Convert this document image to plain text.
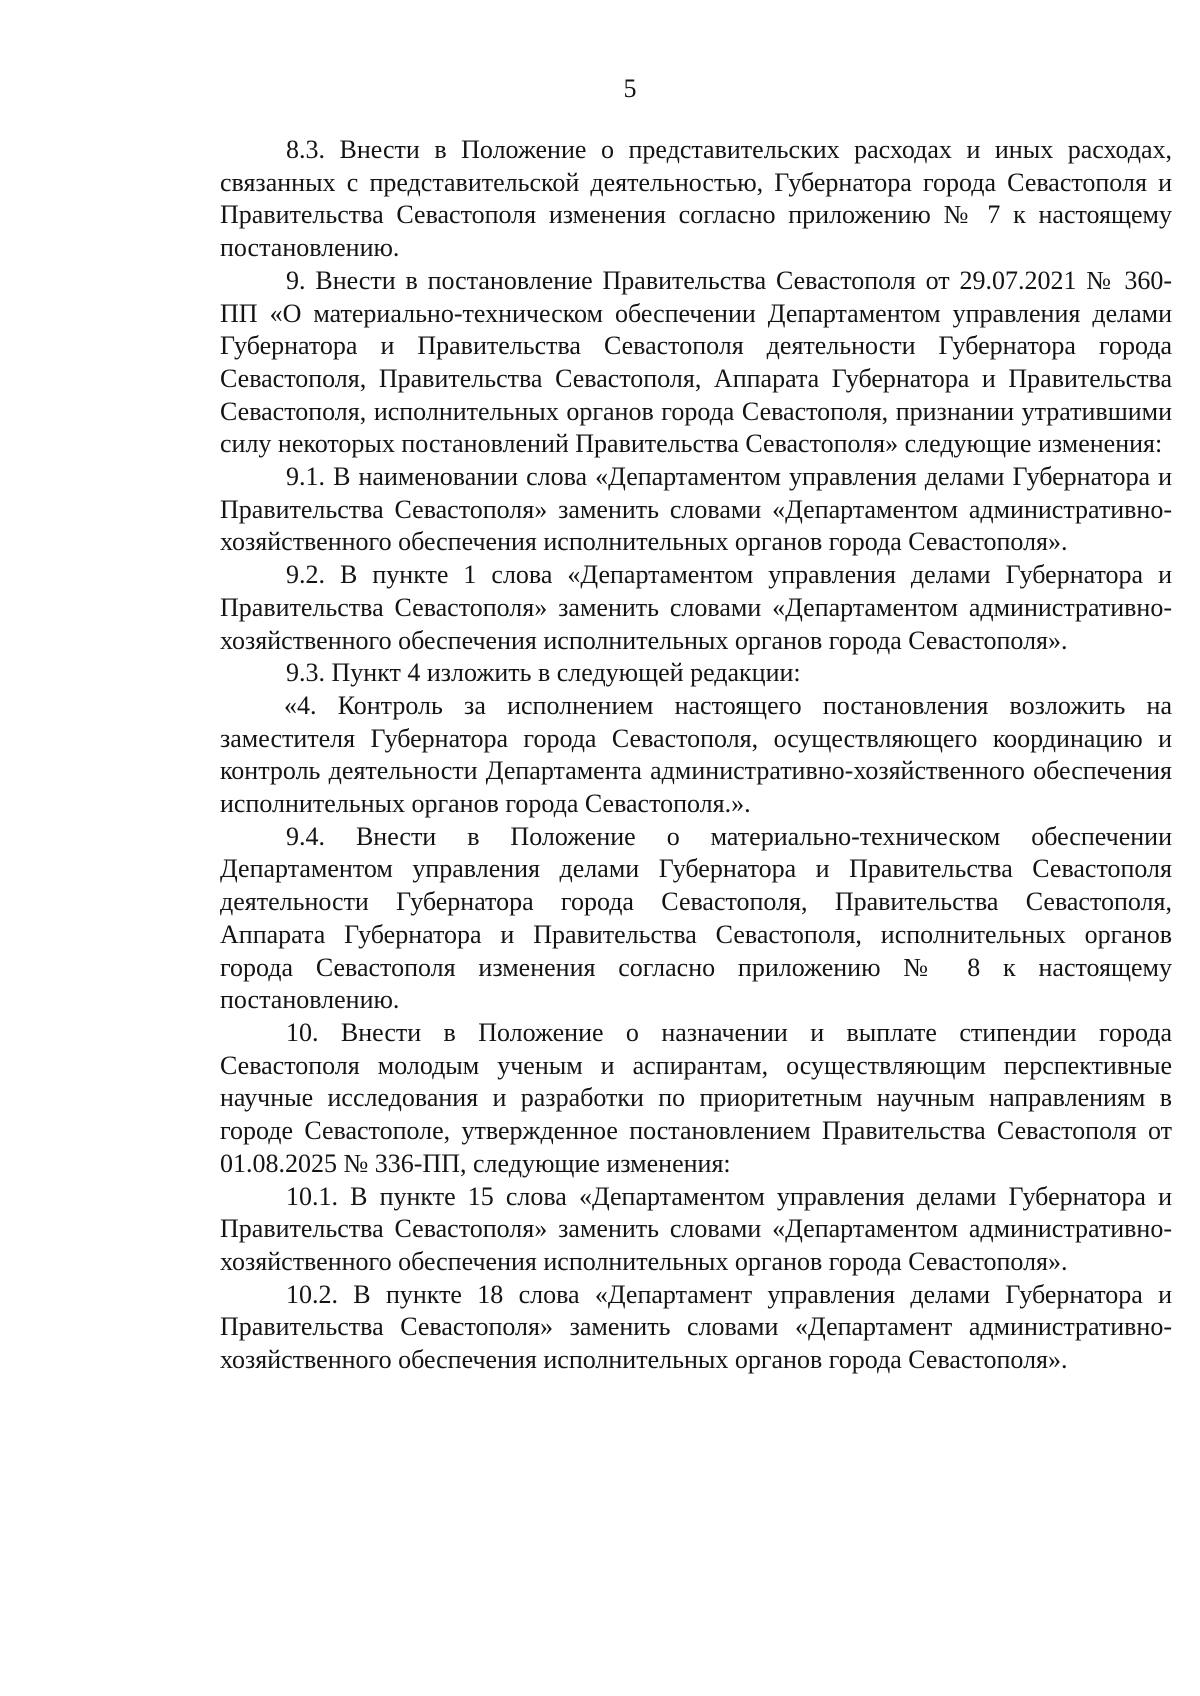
5

8.3. Внести в Положение о представительских расходах и иных расходах, связанных с представительской деятельностью, Губернатора города Севастополя и Правительства Севастополя изменения согласно приложению № 7 к настоящему постановлению.

9. Внести в постановление Правительства Севастополя от 29.07.2021 № 360-ПП «О материально-техническом обеспечении Департаментом управления делами Губернатора и Правительства Севастополя деятельности Губернатора города Севастополя, Правительства Севастополя, Аппарата Губернатора и Правительства Севастополя, исполнительных органов города Севастополя, признании утратившими силу некоторых постановлений Правительства Севастополя» следующие изменения:

9.1. В наименовании слова «Департаментом управления делами Губернатора и Правительства Севастополя» заменить словами «Департаментом административно-хозяйственного обеспечения исполнительных органов города Севастополя».

9.2. В пункте 1 слова «Департаментом управления делами Губернатора и Правительства Севастополя» заменить словами «Департаментом административно-хозяйственного обеспечения исполнительных органов города Севастополя».

9.3. Пункт 4 изложить в следующей редакции:

«4. Контроль за исполнением настоящего постановления возложить на заместителя Губернатора города Севастополя, осуществляющего координацию и контроль деятельности Департамента административно-хозяйственного обеспечения исполнительных органов города Севастополя.».

9.4. Внести в Положение о материально-техническом обеспечении Департаментом управления делами Губернатора и Правительства Севастополя деятельности Губернатора города Севастополя, Правительства Севастополя, Аппарата Губернатора и Правительства Севастополя, исполнительных органов города Севастополя изменения согласно приложению № 8 к настоящему постановлению.

10. Внести в Положение о назначении и выплате стипендии города Севастополя молодым ученым и аспирантам, осуществляющим перспективные научные исследования и разработки по приоритетным научным направлениям в городе Севастополе, утвержденное постановлением Правительства Севастополя от 01.08.2025 № 336-ПП, следующие изменения:

10.1. В пункте 15 слова «Департаментом управления делами Губернатора и Правительства Севастополя» заменить словами «Департаментом административно-хозяйственного обеспечения исполнительных органов города Севастополя».

10.2. В пункте 18 слова «Департамент управления делами Губернатора и Правительства Севастополя» заменить словами «Департамент административно-хозяйственного обеспечения исполнительных органов города Севастополя».
